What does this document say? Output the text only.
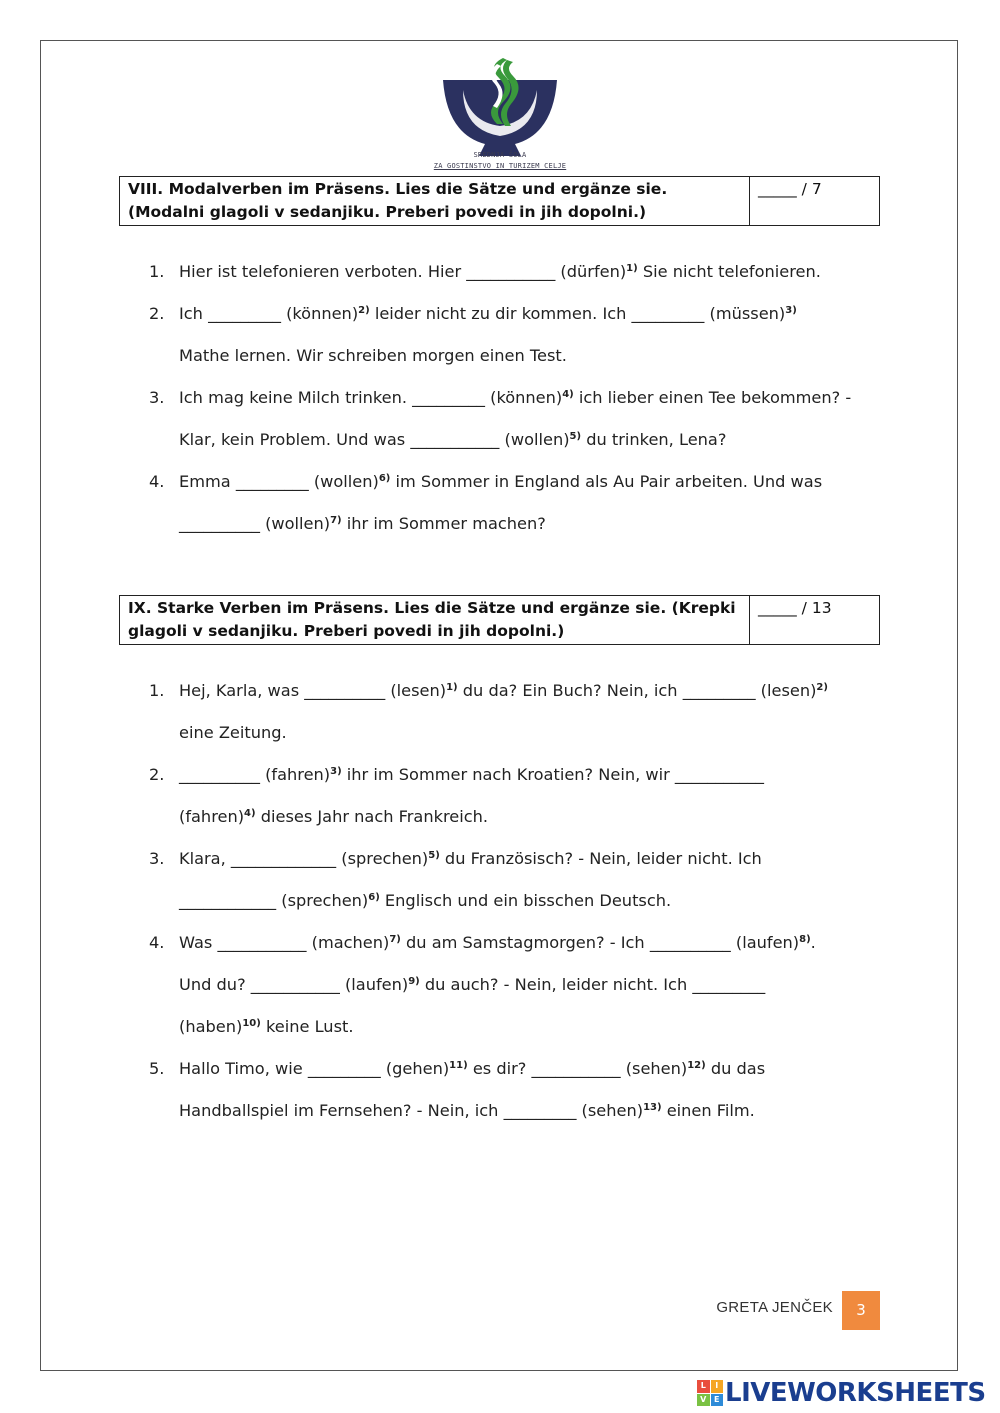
SREDNJA ŠOLA
ZA GOSTINSTVO IN TURIZEM CELJE
VIII. Modalverben im Präsens. Lies die Sätze und ergänze sie. (Modalni glagoli v sedanjiku. Preberi povedi in jih dopolni.)
_____ / 7
1. Hier ist telefonieren verboten. Hier ___________ (dürfen)$^{1)}$ Sie nicht telefonieren.
2. Ich _________ (können)$^{2)}$ leider nicht zu dir kommen. Ich _________ (müssen)$^{3)}$
Mathe lernen. Wir schreiben morgen einen Test.
3. Ich mag keine Milch trinken. _________ (können)$^{4)}$ ich lieber einen Tee bekommen? -
Klar, kein Problem. Und was ___________ (wollen)$^{5)}$ du trinken, Lena?
4. Emma _________ (wollen)$^{6)}$ im Sommer in England als Au Pair arbeiten. Und was
__________ (wollen)$^{7)}$ ihr im Sommer machen?
IX. Starke Verben im Präsens. Lies die Sätze und ergänze sie. (Krepki glagoli v sedanjiku. Preberi povedi in jih dopolni.)
_____ / 13
1. Hej, Karla, was __________ (lesen)$^{1)}$ du da? Ein Buch? Nein, ich _________ (lesen)$^{2)}$
eine Zeitung.
2. __________ (fahren)$^{3)}$ ihr im Sommer nach Kroatien? Nein, wir ___________
(fahren)$^{4)}$ dieses Jahr nach Frankreich.
3. Klara, _____________ (sprechen)$^{5)}$ du Französisch? - Nein, leider nicht. Ich
____________ (sprechen)$^{6)}$ Englisch und ein bisschen Deutsch.
4. Was ___________ (machen)$^{7)}$ du am Samstagmorgen? - Ich __________ (laufen)$^{8)}$.
Und du? ___________ (laufen)$^{9)}$ du auch? - Nein, leider nicht. Ich _________
(haben)$^{10)}$ keine Lust.
5. Hallo Timo, wie _________ (gehen)$^{11)}$ es dir? ___________ (sehen)$^{12)}$ du das
Handballspiel im Fernsehen? - Nein, ich _________ (sehen)$^{13)}$ einen Film.
GRETA JENČEK	3
L	I
V E LIVEWORKSHEETS
